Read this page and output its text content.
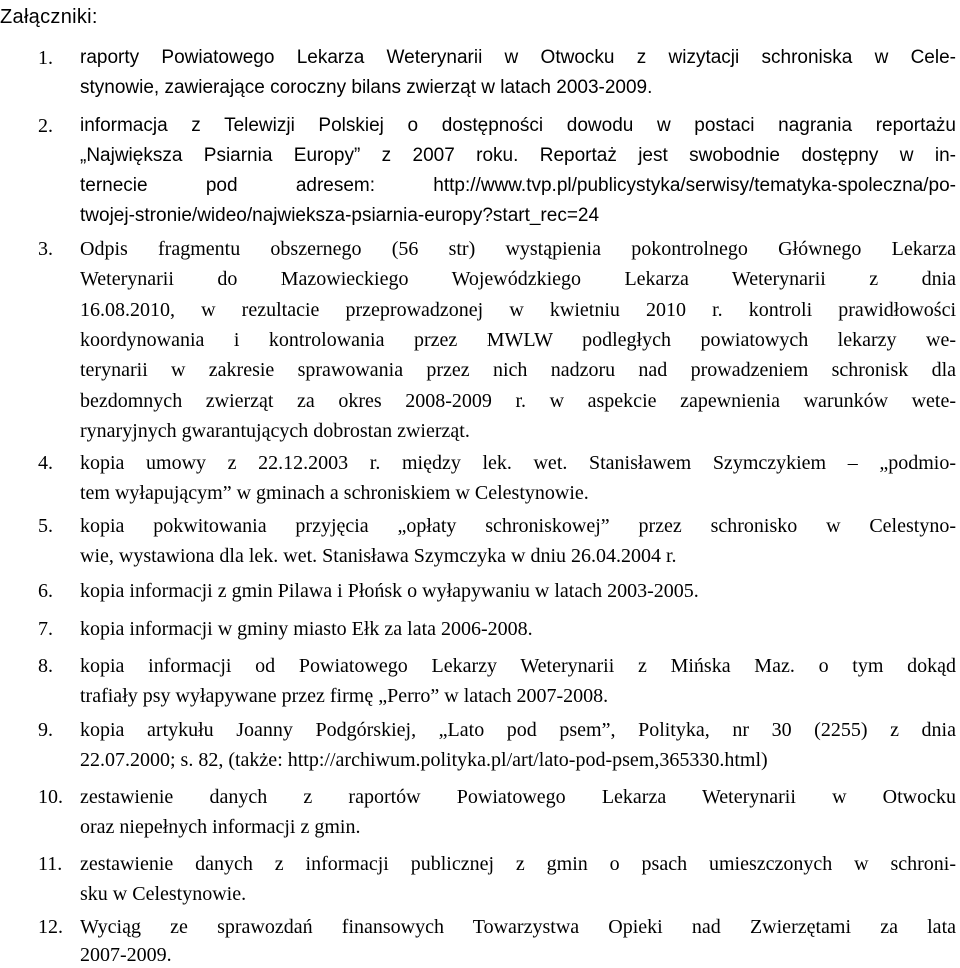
Załączniki:
1. raporty Powiatowego Lekarza Weterynarii w Otwocku z wizytacji schroniska w Cele-
stynowie, zawierające coroczny bilans zwierząt w latach 2003-2009.
2. informacja z Telewizji Polskiej o dostępności dowodu w postaci nagrania reportażu
„Największa Psiarnia Europy” z 2007 roku. Reportaż jest swobodnie dostępny w in-
ternecie pod adresem: http://www.tvp.pl/publicystyka/serwisy/tematyka-spoleczna/po-
twojej-stronie/wideo/najwieksza-psiarnia-europy?start_rec=24
3. Odpis fragmentu obszernego (56 str) wystąpienia pokontrolnego Głównego Lekarza
Weterynarii do Mazowieckiego Wojewódzkiego Lekarza Weterynarii z dnia
16.08.2010, w rezultacie przeprowadzonej w kwietniu 2010 r. kontroli prawidłowości
koordynowania i kontrolowania przez MWLW podległych powiatowych lekarzy we-
terynarii w zakresie sprawowania przez nich nadzoru nad prowadzeniem schronisk dla
bezdomnych zwierząt za okres 2008-2009 r. w aspekcie zapewnienia warunków wete-
rynaryjnych gwarantujących dobrostan zwierząt.
4. kopia umowy z 22.12.2003 r. między lek. wet. Stanisławem Szymczykiem – „podmio-
tem wyłapującym” w gminach a schroniskiem w Celestynowie.
5. kopia pokwitowania przyjęcia „opłaty schroniskowej” przez schronisko w Celestyno-
wie, wystawiona dla lek. wet. Stanisława Szymczyka w dniu 26.04.2004 r.
6. kopia informacji z gmin Pilawa i Płońsk o wyłapywaniu w latach 2003-2005.
7. kopia informacji w gminy miasto Ełk za lata 2006-2008.
8. kopia informacji od Powiatowego Lekarzy Weterynarii z Mińska Maz. o tym dokąd
trafiały psy wyłapywane przez firmę „Perro” w latach 2007-2008.
9. kopia artykułu Joanny Podgórskiej, „Lato pod psem”, Polityka, nr 30 (2255) z dnia
22.07.2000; s. 82, (także: http://archiwum.polityka.pl/art/lato-pod-psem,365330.html)
10. zestawienie danych z raportów Powiatowego Lekarza Weterynarii w Otwocku
oraz niepełnych informacji z gmin.
11. zestawienie danych z informacji publicznej z gmin o psach umieszczonych w schroni-
sku w Celestynowie.
12. Wyciąg ze sprawozdań finansowych Towarzystwa Opieki nad Zwierzętami za lata
2007-2009.
